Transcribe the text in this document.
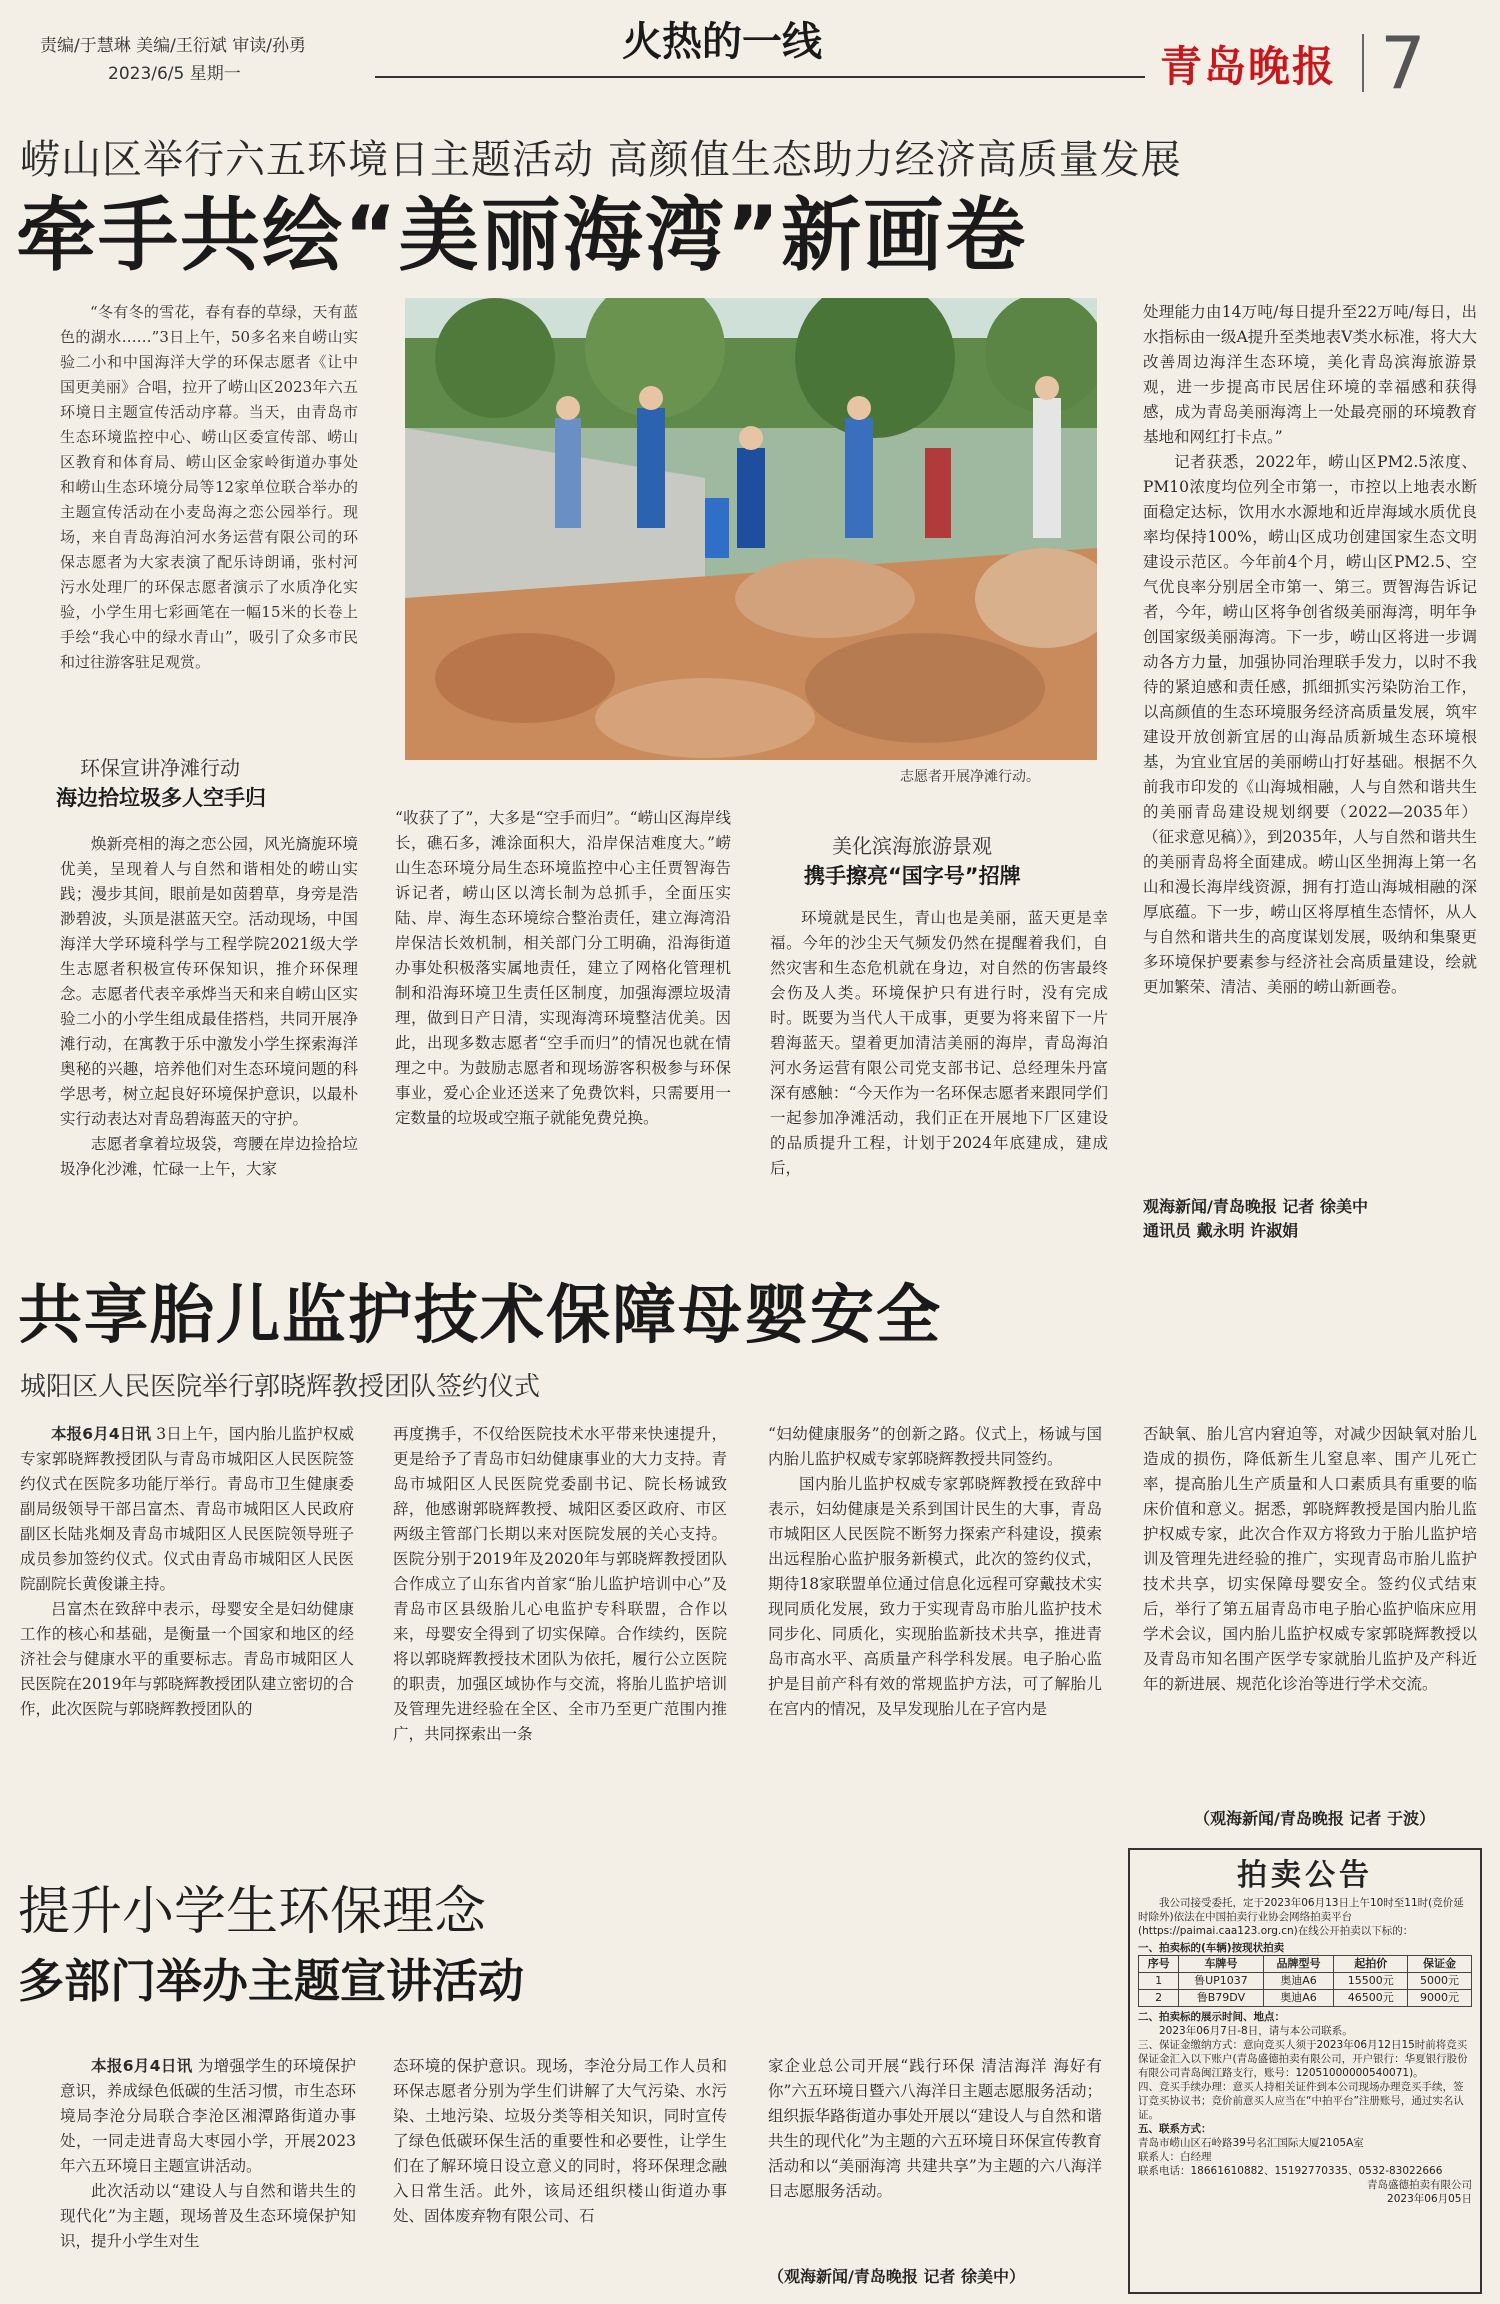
责编/于慧琳 美编/王衍斌 审读/孙勇
2023/6/5 星期一
火热的一线	青岛晚报 7
崂山区举行六五环境日主题活动 高颜值生态助力经济高质量发展
牵手共绘“美丽海湾”新画卷

“冬有冬的雪花，春有春的草绿，天有蓝色的湖水……”3日上午，50多名来自崂山实验二小和中国海洋大学的环保志愿者《让中国更美丽》合唱，拉开了崂山区2023年六五环境日主题宣传活动序幕。当天，由青岛市生态环境监控中心、崂山区委宣传部、崂山区教育和体育局、崂山区金家岭街道办事处和崂山生态环境分局等12家单位联合举办的主题宣传活动在小麦岛海之恋公园举行。现场，来自青岛海泊河水务运营有限公司的环保志愿者为大家表演了配乐诗朗诵，张村河污水处理厂的环保志愿者演示了水质净化实验，小学生用七彩画笔在一幅15米的长卷上手绘“我心中的绿水青山”，吸引了众多市民和过往游客驻足观赏。

志愿者开展净滩行动。
环保宣讲净滩行动
海边拾垃圾多人空手归

焕新亮相的海之恋公园，风光旖旎环境优美，呈现着人与自然和谐相处的崂山实践；漫步其间，眼前是如茵碧草，身旁是浩渺碧波，头顶是湛蓝天空。活动现场，中国海洋大学环境科学与工程学院2021级大学生志愿者积极宣传环保知识，推介环保理念。志愿者代表辛承烨当天和来自崂山区实验二小的小学生组成最佳搭档，共同开展净滩行动，在寓教于乐中激发小学生探索海洋奥秘的兴趣，培养他们对生态环境问题的科学思考，树立起良好环境保护意识，以最朴实行动表达对青岛碧海蓝天的守护。

志愿者拿着垃圾袋，弯腰在岸边捡拾垃圾净化沙滩，忙碌一上午，大家

“收获了了”，大多是“空手而归”。“崂山区海岸线长，礁石多，滩涂面积大，沿岸保洁难度大。”崂山生态环境分局生态环境监控中心主任贾智海告诉记者，崂山区以湾长制为总抓手，全面压实陆、岸、海生态环境综合整治责任，建立海湾沿岸保洁长效机制，相关部门分工明确，沿海街道办事处积极落实属地责任，建立了网格化管理机制和沿海环境卫生责任区制度，加强海漂垃圾清理，做到日产日清，实现海湾环境整洁优美。因此，出现多数志愿者“空手而归”的情况也就在情理之中。为鼓励志愿者和现场游客积极参与环保事业，爱心企业还送来了免费饮料，只需要用一定数量的垃圾或空瓶子就能免费兑换。

美化滨海旅游景观
携手擦亮“国字号”招牌

环境就是民生，青山也是美丽，蓝天更是幸福。今年的沙尘天气频发仍然在提醒着我们，自然灾害和生态危机就在身边，对自然的伤害最终会伤及人类。环境保护只有进行时，没有完成时。既要为当代人干成事，更要为将来留下一片碧海蓝天。望着更加清洁美丽的海岸，青岛海泊河水务运营有限公司党支部书记、总经理朱丹富深有感触：“今天作为一名环保志愿者来跟同学们一起参加净滩活动，我们正在开展地下厂区建设的品质提升工程，计划于2024年底建成，建成后，

处理能力由14万吨/每日提升至22万吨/每日，出水指标由一级A提升至类地表Ⅴ类水标准，将大大改善周边海洋生态环境，美化青岛滨海旅游景观，进一步提高市民居住环境的幸福感和获得感，成为青岛美丽海湾上一处最亮丽的环境教育基地和网红打卡点。”

记者获悉，2022年，崂山区PM2.5浓度、PM10浓度均位列全市第一，市控以上地表水断面稳定达标，饮用水水源地和近岸海域水质优良率均保持100%，崂山区成功创建国家生态文明建设示范区。今年前4个月，崂山区PM2.5、空气优良率分别居全市第一、第三。贾智海告诉记者，今年，崂山区将争创省级美丽海湾，明年争创国家级美丽海湾。下一步，崂山区将进一步调动各方力量，加强协同治理联手发力，以时不我待的紧迫感和责任感，抓细抓实污染防治工作，以高颜值的生态环境服务经济高质量发展，筑牢建设开放创新宜居的山海品质新城生态环境根基，为宜业宜居的美丽崂山打好基础。根据不久前我市印发的《山海城相融，人与自然和谐共生的美丽青岛建设规划纲要（2022—2035年）（征求意见稿）》，到2035年，人与自然和谐共生的美丽青岛将全面建成。崂山区坐拥海上第一名山和漫长海岸线资源，拥有打造山海城相融的深厚底蕴。下一步，崂山区将厚植生态情怀，从人与自然和谐共生的高度谋划发展，吸纳和集聚更多环境保护要素参与经济社会高质量建设，绘就更加繁荣、清洁、美丽的崂山新画卷。

观海新闻/青岛晚报 记者 徐美中
通讯员 戴永明 许淑娟
共享胎儿监护技术保障母婴安全
城阳区人民医院举行郭晓辉教授团队签约仪式

本报6月4日讯 3日上午，国内胎儿监护权威专家郭晓辉教授团队与青岛市城阳区人民医院签约仪式在医院多功能厅举行。青岛市卫生健康委副局级领导干部吕富杰、青岛市城阳区人民政府副区长陆兆炯及青岛市城阳区人民医院领导班子成员参加签约仪式。仪式由青岛市城阳区人民医院副院长黄俊谦主持。

吕富杰在致辞中表示，母婴安全是妇幼健康工作的核心和基础，是衡量一个国家和地区的经济社会与健康水平的重要标志。青岛市城阳区人民医院在2019年与郭晓辉教授团队建立密切的合作，此次医院与郭晓辉教授团队的

再度携手，不仅给医院技术水平带来快速提升，更是给予了青岛市妇幼健康事业的大力支持。青岛市城阳区人民医院党委副书记、院长杨诚致辞，他感谢郭晓辉教授、城阳区委区政府、市区两级主管部门长期以来对医院发展的关心支持。医院分别于2019年及2020年与郭晓辉教授团队合作成立了山东省内首家“胎儿监护培训中心”及青岛市区县级胎儿心电监护专科联盟，合作以来，母婴安全得到了切实保障。合作续约，医院将以郭晓辉教授技术团队为依托，履行公立医院的职责，加强区域协作与交流，将胎儿监护培训及管理先进经验在全区、全市乃至更广范围内推广，共同探索出一条

“妇幼健康服务”的创新之路。仪式上，杨诚与国内胎儿监护权威专家郭晓辉教授共同签约。

国内胎儿监护权威专家郭晓辉教授在致辞中表示，妇幼健康是关系到国计民生的大事，青岛市城阳区人民医院不断努力探索产科建设，摸索出远程胎心监护服务新模式，此次的签约仪式，期待18家联盟单位通过信息化远程可穿戴技术实现同质化发展，致力于实现青岛市胎儿监护技术同步化、同质化，实现胎监新技术共享，推进青岛市高水平、高质量产科学科发展。电子胎心监护是目前产科有效的常规监护方法，可了解胎儿在宫内的情况，及早发现胎儿在子宫内是

否缺氧、胎儿宫内窘迫等，对减少因缺氧对胎儿造成的损伤，降低新生儿窒息率、围产儿死亡率，提高胎儿生产质量和人口素质具有重要的临床价值和意义。据悉，郭晓辉教授是国内胎儿监护权威专家，此次合作双方将致力于胎儿监护培训及管理先进经验的推广，实现青岛市胎儿监护技术共享，切实保障母婴安全。签约仪式结束后，举行了第五届青岛市电子胎心监护临床应用学术会议，国内胎儿监护权威专家郭晓辉教授以及青岛市知名围产医学专家就胎儿监护及产科近年的新进展、规范化诊治等进行学术交流。

（观海新闻/青岛晚报 记者 于波）
提升小学生环保理念
多部门举办主题宣讲活动

本报6月4日讯 为增强学生的环境保护意识，养成绿色低碳的生活习惯，市生态环境局李沧分局联合李沧区湘潭路街道办事处，一同走进青岛大枣园小学，开展2023年六五环境日主题宣讲活动。

此次活动以“建设人与自然和谐共生的现代化”为主题，现场普及生态环境保护知识，提升小学生对生

态环境的保护意识。现场，李沧分局工作人员和环保志愿者分别为学生们讲解了大气污染、水污染、土地污染、垃圾分类等相关知识，同时宣传了绿色低碳环保生活的重要性和必要性，让学生们在了解环境日设立意义的同时，将环保理念融入日常生活。此外，该局还组织楼山街道办事处、固体废弃物有限公司、石

家企业总公司开展“践行环保 清洁海洋 海好有你”六五环境日暨六八海洋日主题志愿服务活动；组织振华路街道办事处开展以“建设人与自然和谐共生的现代化”为主题的六五环境日环保宣传教育活动和以“美丽海湾 共建共享”为主题的六八海洋日志愿服务活动。

（观海新闻/青岛晚报 记者 徐美中）
拍卖公告
我公司接受委托，定于2023年06月13日上午10时至11时(竞价延时除外)依法在中国拍卖行业协会网络拍卖平台(https://paimai.caa123.org.cn)在线公开拍卖以下标的：
一、拍卖标的(车辆)按现状拍卖
序号	车牌号	品牌型号	起拍价	保证金
1	鲁UP1037	奥迪A6	15500元	5000元
2	鲁B79DV	奥迪A6	46500元	9000元
二、拍卖标的展示时间、地点：
2023年06月7日-8日，请与本公司联系。
三、保证金缴纳方式：意向竞买人须于2023年06月12日15时前将竞买保证金汇入以下账户(青岛盛德拍卖有限公司，开户银行：华夏银行股份有限公司青岛闽江路支行，账号：12051000000540071)。
四、竞买手续办理：意买人持相关证件到本公司现场办理竞买手续，签订竞买协议书；竞价前意买人应当在“中拍平台”注册账号，通过实名认证。
五、联系方式：
青岛市崂山区石岭路39号名汇国际大厦2105A室
联系人：白经理
联系电话：18661610882、15192770335、0532-83022666
青岛盛德拍卖有限公司
2023年06月05日
